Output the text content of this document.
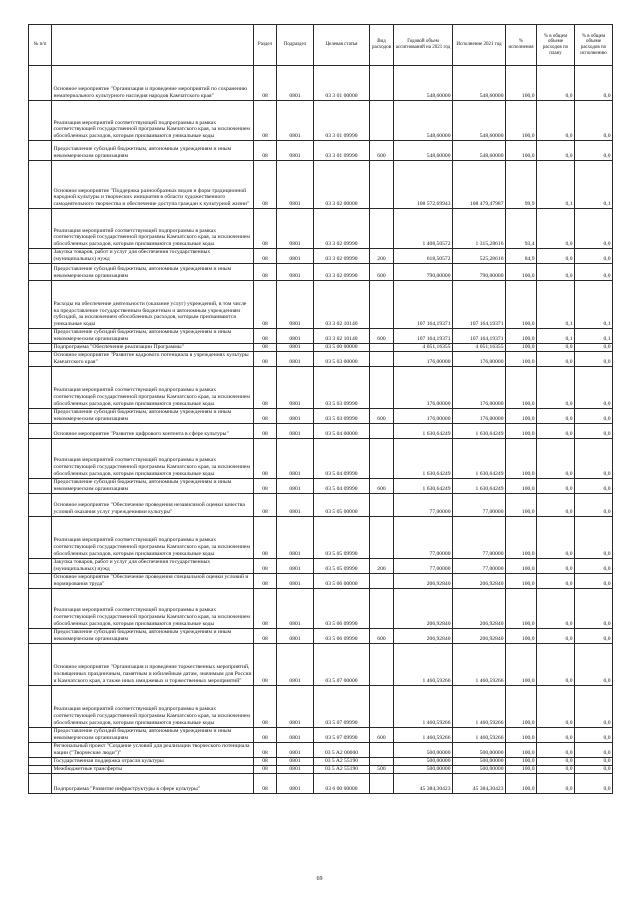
№ п/п		Раздел	Подраздел	Целевая статья	Вид расходов	Годовой объем ассигнований на 2021 год	Исполнение 2021 год	% исполнения	% в общем объеме расходов по плану	% в общем объеме расходов по исполнению
	Основное мероприятие "Организация и проведение мероприятий по сохранению нематериального культурного наследия народов Камчатского края"	08	0801	03 3 01 00000		548,60000	548,60000	100,0	0,0	0,0
	Реализация мероприятий соответствующей подпрограммы в рамках соответствующей государственной программы Камчатского края, за исключением обособленных расходов, которым присваиваются уникальные коды	08	0801	03 3 01 09990		548,60000	548,60000	100,0	0,0	0,0
	Предоставление субсидий бюджетным, автономным учреждениям и иным некоммерческим организациям	08	0801	03 3 01 09990	600	548,60000	548,60000	100,0	0,0	0,0
	Основное мероприятие "Поддержка разнообразных видов и форм традиционной народной культуры и творческих инициатив в области художественного самодеятельного творчества и обеспечение доступа граждан к культурной жизни"	08	0801	03 3 02 00000		108 572,69943	108 479,47987	99,9	0,1	0,1
	Реализация мероприятий соответствующей подпрограммы в рамках соответствующей государственной программы Камчатского края, за исключением обособленных расходов, которым присваиваются уникальные коды	08	0801	03 3 02 09990		1 408,50572	1 315,28616	93,4	0,0	0,0
	Закупка товаров, работ и услуг для обеспечения государственных (муниципальных) нужд	08	0801	03 3 02 09990	200	618,50572	525,28616	84,9	0,0	0,0
	Предоставление субсидий бюджетным, автономным учреждениям и иным некоммерческим организациям	08	0801	03 3 02 09990	600	790,00000	790,00000	100,0	0,0	0,0
	Расходы на обеспечение деятельности (оказание услуг) учреждений, в том числе на предоставление государственным бюджетным и автономным учреждениям субсидий, за исключением обособленных расходов, которым присваиваются уникальные коды	08	0801	03 3 02 10140		107 164,19371	107 164,19371	100,0	0,1	0,1
	Предоставление субсидий бюджетным, автономным учреждениям и иным некоммерческим организациям	08	0801	03 3 02 10140	600	107 164,19371	107 164,19371	100,0	0,1	0,1
	Подпрограмма "Обеспечение реализации Программы"	08	0801	03 5 00 00000		4 051,16355	4 051,16355	100,0	0,0	0,0
	Основное мероприятие "Развитие кадрового потенциала в учреждениях культуры Камчатского края"	08	0801	03 5 03 00000		176,00000	176,00000	100,0	0,0	0,0
	Реализация мероприятий соответствующей подпрограммы в рамках соответствующей государственной программы Камчатского края, за исключением обособленных расходов, которым присваиваются уникальные коды	08	0801	03 5 03 09990		176,00000	176,00000	100,0	0,0	0,0
	Предоставление субсидий бюджетным, автономным учреждениям и иным некоммерческим организациям	08	0801	03 5 03 09990	600	176,00000	176,00000	100,0	0,0	0,0
	Основное мероприятие "Развитие цифрового контента в сфере культуры"	08	0801	03 5 04 00000		1 630,64249	1 630,64249	100,0	0,0	0,0
	Реализация мероприятий соответствующей подпрограммы в рамках соответствующей государственной программы Камчатского края, за исключением обособленных расходов, которым присваиваются уникальные коды	08	0801	03 5 04 09990		1 630,64249	1 630,64249	100,0	0,0	0,0
	Предоставление субсидий бюджетным, автономным учреждениям и иным некоммерческим организациям	08	0801	03 5 04 09990	600	1 630,64249	1 630,64249	100,0	0,0	0,0
	Основное мероприятие "Обеспечение проведения независимой оценки качества условий оказания услуг учреждениями культуры"	08	0801	03 5 05 00000		77,00000	77,00000	100,0	0,0	0,0
	Реализация мероприятий соответствующей подпрограммы в рамках соответствующей государственной программы Камчатского края, за исключением обособленных расходов, которым присваиваются уникальные коды	08	0801	03 5 05 09990		77,00000	77,00000	100,0	0,0	0,0
	Закупка товаров, работ и услуг для обеспечения государственных (муниципальных) нужд	08	0801	03 5 05 09990	200	77,00000	77,00000	100,0	0,0	0,0
	Основное мероприятие "Обеспечение проведения специальной оценки условий и нормирования труда"	08	0801	03 5 06 00000		206,92840	206,92840	100,0	0,0	0,0
	Реализация мероприятий соответствующей подпрограммы в рамках соответствующей государственной программы Камчатского края, за исключением обособленных расходов, которым присваиваются уникальные коды	08	0801	03 5 06 09990		206,92840	206,92840	100,0	0,0	0,0
	Предоставление субсидий бюджетным, автономным учреждениям и иным некоммерческим организациям	08	0801	03 5 06 09990	600	206,92840	206,92840	100,0	0,0	0,0
	Основное мероприятие "Организация и проведение торжественных мероприятий, посвященных праздничным, памятным и юбилейным датам, значимым для России и Камчатского края, а также иных имиджевых и торжественных мероприятий"	08	0801	03 5 07 00000		1 460,59266	1 460,59266	100,0	0,0	0,0
	Реализация мероприятий соответствующей подпрограммы в рамках соответствующей государственной программы Камчатского края, за исключением обособленных расходов, которым присваиваются уникальные коды	08	0801	03 5 07 09990		1 460,59266	1 460,59266	100,0	0,0	0,0
	Предоставление субсидий бюджетным, автономным учреждениям и иным некоммерческим организациям	08	0801	03 5 07 09990	600	1 460,59266	1 460,59266	100,0	0,0	0,0
	Региональный проект "Создание условий для реализации творческого потенциала нации ("Творческие люди")"	08	0801	03 5 A2 00000		500,00000	500,00000	100,0	0,0	0,0
	Государственная поддержка отрасли культуры	08	0801	03 5 A2 55190		500,00000	500,00000	100,0	0,0	0,0
	Межбюджетные трансферты	08	0801	03 5 A2 55190	500	500,00000	500,00000	100,0	0,0	0,0
	Подпрограмма "Развитие инфраструктуры в сфере культуры"	08	0801	03 6 00 00000		45 384,30423	45 384,30423	100,0	0,0	0,0
69
